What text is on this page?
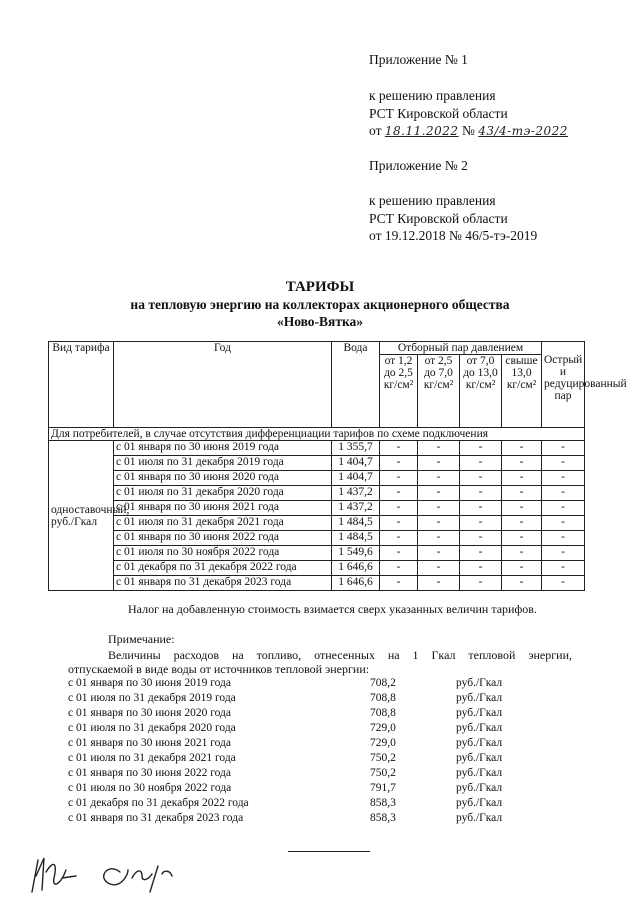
Приложение № 1
к решению правления
РСТ Кировской области
от 18.11.2022 № 43/4-тэ-2022
Приложение № 2
к решению правления
РСТ Кировской области
от 19.12.2018 № 46/5-тэ-2019
ТАРИФЫ
на тепловую энергию на коллекторах акционерного общества
«Ново-Вятка»
Вид тарифа	Год	Вода	Отборный пар давлением				Острый и редуцированный пар
			от 1,2 до 2,5 кг/см²	от 2,5 до 7,0 кг/см²	от 7,0 до 13,0 кг/см²	свыше 13,0 кг/см²	
Для потребителей, в случае отсутствия дифференциации тарифов по схеме подключения							
одноставочный, руб./Гкал	с 01 января по 30 июня 2019 года	1 355,7	-	-	-	-	-
	с 01 июля по 31 декабря 2019 года	1 404,7	-	-	-	-	-
	с 01 января по 30 июня 2020 года	1 404,7	-	-	-	-	-
	с 01 июля по 31 декабря 2020 года	1 437,2	-	-	-	-	-
	с 01 января по 30 июня 2021 года	1 437,2	-	-	-	-	-
	с 01 июля по 31 декабря 2021 года	1 484,5	-	-	-	-	-
	с 01 января по 30 июня 2022 года	1 484,5	-	-	-	-	-
	с 01 июля по 30 ноября 2022 года	1 549,6	-	-	-	-	-
	с 01 декабря по 31 декабря 2022 года	1 646,6	-	-	-	-	-
	с 01 января по 31 декабря 2023 года	1 646,6	-	-	-	-	-
Налог на добавленную стоимость взимается сверх указанных величин тарифов.
Примечание:
Величины расходов на топливо, отнесенных на 1 Гкал тепловой энергии,
отпускаемой в виде воды от источников тепловой энергии:
с 01 января по 30 июня 2019 года	708,2	руб./Гкал
с 01 июля по 31 декабря 2019 года	708,8	руб./Гкал
с 01 января по 30 июня 2020 года	708,8	руб./Гкал
с 01 июля по 31 декабря 2020 года	729,0	руб./Гкал
с 01 января по 30 июня 2021 года	729,0	руб./Гкал
с 01 июля по 31 декабря 2021 года	750,2	руб./Гкал
с 01 января по 30 июня 2022 года	750,2	руб./Гкал
с 01 июля по 30 ноября 2022 года	791,7	руб./Гкал
с 01 декабря по 31 декабря 2022 года	858,3	руб./Гкал
с 01 января по 31 декабря 2023 года	858,3	руб./Гкал
